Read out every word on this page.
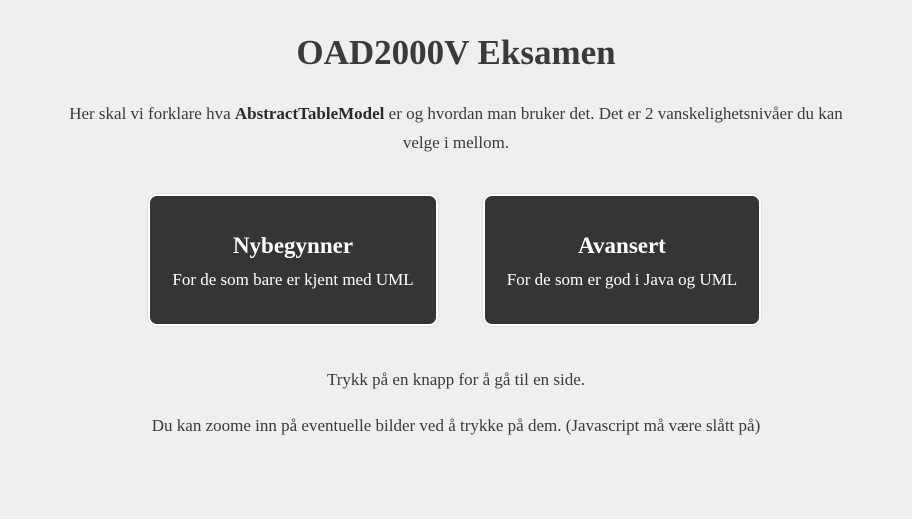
OAD2000V Eksamen

Her skal vi forklare hva AbstractTableModel er og hvordan man bruker det. Det er 2 vanskelighetsnivåer du kan velge i mellom.

Nybegynner
For de som bare er kjent med UML
Avansert
For de som er god i Java og UML

Trykk på en knapp for å gå til en side.

Du kan zoome inn på eventuelle bilder ved å trykke på dem. (Javascript må være slått på)
